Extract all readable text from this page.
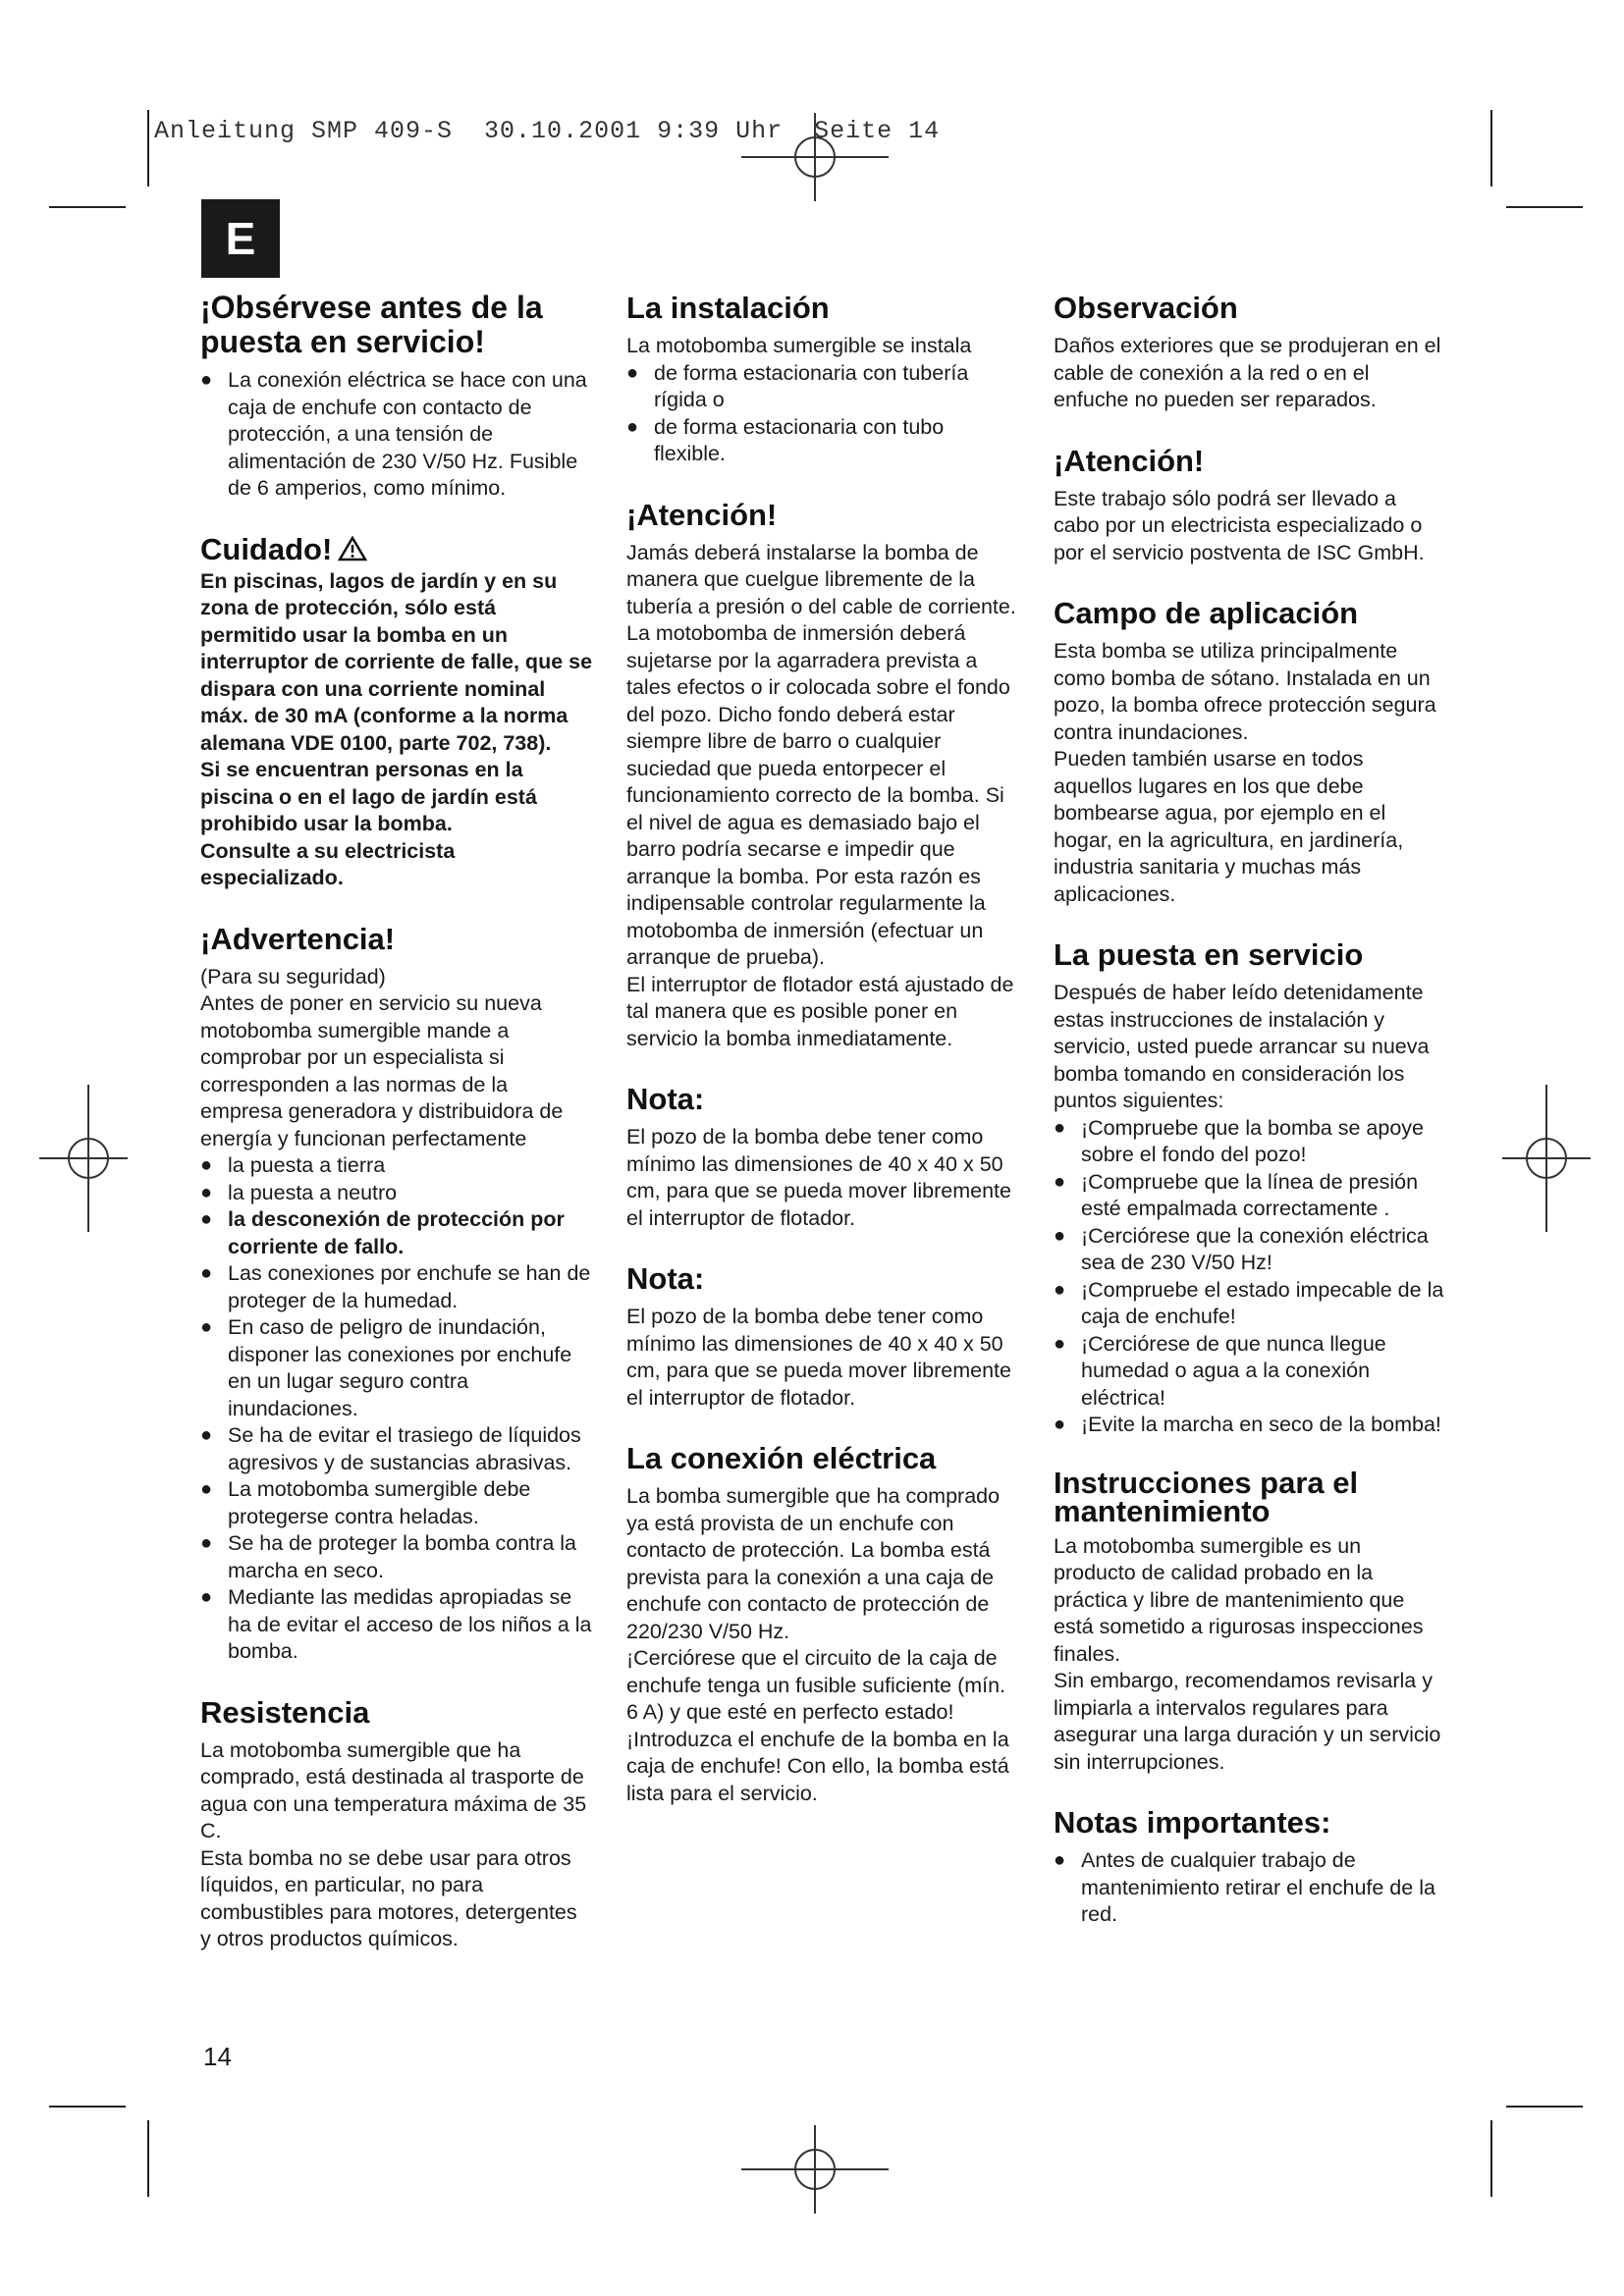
Anleitung SMP 409-S  30.10.2001 9:39 Uhr  Seite 14
E
¡Obsérvese antes de la puesta en servicio!
● La conexión eléctrica se hace con una caja de enchufe con contacto de protección, a una tensión de alimentación de 230 V/50 Hz. Fusible de 6 amperios, como mínimo.
Cuidado!

En piscinas, lagos de jardín y en su zona de protección, sólo está permitido usar la bomba en un interruptor de corriente de falle, que se dispara con una corriente nominal máx. de 30 mA (conforme a la norma alemana VDE 0100, parte 702, 738).

Si se encuentran personas en la piscina o en el lago de jardín está prohibido usar la bomba.

Consulte a su electricista especializado.

¡Advertencia!

(Para su seguridad)

Antes de poner en servicio su nueva motobomba sumergible mande a comprobar por un especialista si corresponden a las normas de la empresa generadora y distribuidora de energía y funcionan perfectamente

● la puesta a tierra
● la puesta a neutro
● la desconexión de protección por corriente de fallo.
● Las conexiones por enchufe se han de proteger de la humedad.
● En caso de peligro de inundación, disponer las conexiones por enchufe en un lugar seguro contra inundaciones.
● Se ha de evitar el trasiego de líquidos agresivos y de sustancias abrasivas.
● La motobomba sumergible debe protegerse contra heladas.
● Se ha de proteger la bomba contra la marcha en seco.
● Mediante las medidas apropiadas se ha de evitar el acceso de los niños a la bomba.
Resistencia

La motobomba sumergible que ha comprado, está destinada al trasporte de agua con una temperatura máxima de 35 C.

Esta bomba no se debe usar para otros líquidos, en particular, no para combustibles para motores, detergentes y otros productos químicos.

La instalación

La motobomba sumergible se instala

● de forma estacionaria con tubería rígida o
● de forma estacionaria con tubo flexible.
¡Atención!

Jamás deberá instalarse la bomba de manera que cuelgue libremente de la tubería a presión o del cable de corriente. La motobomba de inmersión deberá sujetarse por la agarradera prevista a tales efectos o ir colocada sobre el fondo del pozo. Dicho fondo deberá estar siempre libre de barro o cualquier suciedad que pueda entorpecer el funcionamiento correcto de la bomba. Si el nivel de agua es demasiado bajo el barro podría secarse e impedir que arranque la bomba. Por esta razón es indipensable controlar regularmente la motobomba de inmersión (efectuar un arranque de prueba).

El interruptor de flotador está ajustado de tal manera que es posible poner en servicio la bomba inmediatamente.

Nota:

El pozo de la bomba debe tener como mínimo las dimensiones de 40 x 40 x 50 cm, para que se pueda mover libremente el interruptor de flotador.

Nota:

El pozo de la bomba debe tener como mínimo las dimensiones de 40 x 40 x 50 cm, para que se pueda mover libremente el interruptor de flotador.

La conexión eléctrica

La bomba sumergible que ha comprado ya está provista de un enchufe con contacto de protección. La bomba está prevista para la conexión a una caja de enchufe con contacto de protección de 220/230 V/50 Hz.

¡Cerciórese que el circuito de la caja de enchufe tenga un fusible suficiente (mín. 6 A) y que esté en perfecto estado!

¡Introduzca el enchufe de la bomba en la caja de enchufe! Con ello, la bomba está lista para el servicio.

Observación

Daños exteriores que se produjeran en el cable de conexión a la red o en el enfuche no pueden ser reparados.

¡Atención!

Este trabajo sólo podrá ser llevado a cabo por un electricista especializado o por el servicio postventa de ISC GmbH.

Campo de aplicación

Esta bomba se utiliza principalmente como bomba de sótano. Instalada en un pozo, la bomba ofrece protección segura contra inundaciones.

Pueden también usarse en todos aquellos lugares en los que debe bombearse agua, por ejemplo en el hogar, en la agricultura, en jardinería, industria sanitaria y muchas más aplicaciones.

La puesta en servicio

Después de haber leído detenidamente estas instrucciones de instalación y servicio, usted puede arrancar su nueva bomba tomando en consideración los puntos siguientes:

● ¡Compruebe que la bomba se apoye sobre el fondo del pozo!
● ¡Compruebe que la línea de presión esté empalmada correctamente .
● ¡Cerciórese que la conexión eléctrica sea de 230 V/50 Hz!
● ¡Compruebe el estado impecable de la caja de enchufe!
● ¡Cerciórese de que nunca llegue humedad o agua a la conexión eléctrica!
● ¡Evite la marcha en seco de la bomba!
Instrucciones para el mantenimiento

La motobomba sumergible es un producto de calidad probado en la práctica y libre de mantenimiento que está sometido a rigurosas inspecciones finales.

Sin embargo, recomendamos revisarla y limpiarla a intervalos regulares para asegurar una larga duración y un servicio sin interrupciones.

Notas importantes:
● Antes de cualquier trabajo de mantenimiento retirar el enchufe de la red.
14
